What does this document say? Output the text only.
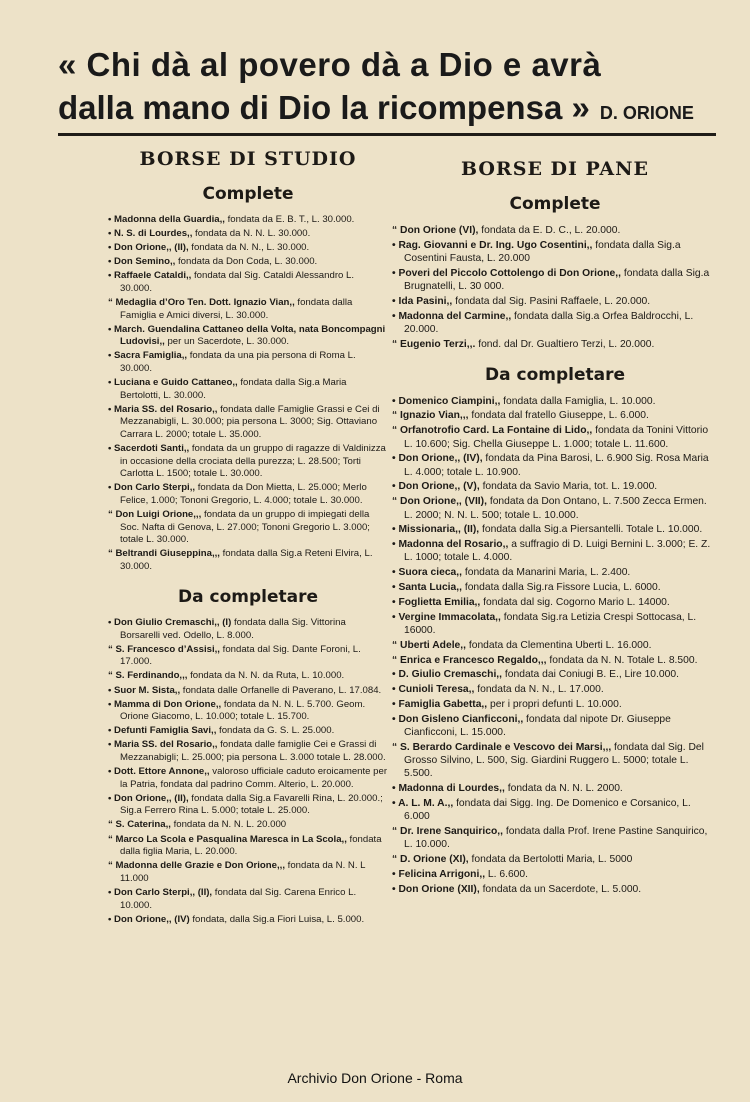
« Chi dà al povero dà a Dio e avrà
dalla mano di Dio la ricompensa » D. ORIONE
BORSE DI STUDIO
Complete
• Madonna della Guardia,, fondata da E. B. T., L. 30.000.
• N. S. di Lourdes,, fondata da N. N. L. 30.000.
• Don Orione,, (II), fondata da N. N., L. 30.000.
• Don Semino,, fondata da Don Coda, L. 30.000.
• Raffaele Cataldi,, fondata dal Sig. Cataldi Alessandro L. 30.000.
“ Medaglia d’Oro Ten. Dott. Ignazio Vian,, fondata dalla Famiglia e Amici diversi, L. 30.000.
• March. Guendalina Cattaneo della Volta, nata Boncompagni Ludovisi,, per un Sacerdote, L. 30.000.
• Sacra Famiglia,, fondata da una pia persona di Roma L. 30.000.
• Luciana e Guido Cattaneo,, fondata dalla Sig.a Maria Bertolotti, L. 30.000.
• Maria SS. del Rosario,, fondata dalle Famiglie Grassi e Cei di Mezzanabigli, L. 30.000; pia persona L. 3000; Sig. Ottaviano Carrara L. 2000; totale L. 35.000.
• Sacerdoti Santi,, fondata da un gruppo di ragazze di Valdinizza in occasione della crociata della purezza; L. 28.500; Torti Carlotta L. 1500; totale L. 30.000.
• Don Carlo Sterpi,, fondata da Don Mietta, L. 25.000; Merlo Felice, 1.000; Tononi Gregorio, L. 4.000; totale L. 30.000.
“ Don Luigi Orione,,, fondata da un gruppo di impiegati della Soc. Nafta di Genova, L. 27.000; Tononi Gregorio L. 3.000; totale L. 30.000.
“ Beltrandi Giuseppina,,, fondata dalla Sig.a Reteni Elvira, L. 30.000.
Da completare
• Don Giulio Cremaschi,, (I) fondata dalla Sig. Vittorina Borsarelli ved. Odello, L. 8.000.
“ S. Francesco d’Assisi,, fondata dal Sig. Dante Foroni, L. 17.000.
“ S. Ferdinando,,, fondata da N. N. da Ruta, L. 10.000.
• Suor M. Sista,, fondata dalle Orfanelle di Paverano, L. 17.084.
• Mamma di Don Orione,, fondata da N. N. L. 5.700. Geom. Orione Giacomo, L. 10.000; totale L. 15.700.
• Defunti Famiglia Savi,, fondata da G. S. L. 25.000.
• Maria SS. del Rosario,, fondata dalle famiglie Cei e Grassi di Mezzanabigli; L. 25.000; pia persona L. 3.000 totale L. 28.000.
• Dott. Ettore Annone,, valoroso ufficiale caduto eroicamente per la Patria, fondata dal padrino Comm. Alterio, L. 20.000.
• Don Orione,, (II), fondata dalla Sig.a Favarelli Rina, L. 20.000.; Sig.a Ferrero Rina L. 5.000; totale L. 25.000.
“ S. Caterina,, fondata da N. N. L. 20.000
“ Marco La Scola e Pasqualina Maresca in La Scola,, fondata dalla figlia Maria, L. 20.000.
“ Madonna delle Grazie e Don Orione,,, fondata da N. N. L 11.000
• Don Carlo Sterpi,, (II), fondata dal Sig. Carena Enrico L. 10.000.
• Don Orione,, (IV) fondata, dalla Sig.a Fiori Luisa, L. 5.000.
BORSE DI PANE
Complete
“ Don Orione (VI), fondata da E. D. C., L. 20.000.
• Rag. Giovanni e Dr. Ing. Ugo Cosentini,, fondata dalla Sig.a Cosentini Fausta, L. 20.000
• Poveri del Piccolo Cottolengo di Don Orione,, fondata dalla Sig.a Brugnatelli, L. 30 000.
• Ida Pasini,, fondata dal Sig. Pasini Raffaele, L. 20.000.
• Madonna del Carmine,, fondata dalla Sig.a Orfea Baldrocchi, L. 20.000.
“ Eugenio Terzi,,. fond. dal Dr. Gualtiero Terzi, L. 20.000.
Da completare
• Domenico Ciampini,, fondata dalla Famiglia, L. 10.000.
“ Ignazio Vian,,, fondata dal fratello Giuseppe, L. 6.000.
“ Orfanotrofio Card. La Fontaine di Lido,, fondata da Tonini Vittorio L. 10.600; Sig. Chella Giuseppe L. 1.000; totale L. 11.600.
• Don Orione,, (IV), fondata da Pina Barosi, L. 6.900 Sig. Rosa Maria L. 4.000; totale L. 10.900.
• Don Orione,, (V), fondata da Savio Maria, tot. L. 19.000.
“ Don Orione,, (VII), fondata da Don Ontano, L. 7.500 Zecca Ermen. L. 2000; N. N. L. 500; totale L. 10.000.
• Missionaria,, (II), fondata dalla Sig.a Piersantelli. Totale L. 10.000.
• Madonna del Rosario,, a suffragio di D. Luigi Bernini L. 3.000; E. Z. L. 1000; totale L. 4.000.
• Suora cieca,, fondata da Manarini Maria, L. 2.400.
• Santa Lucia,, fondata dalla Sig.ra Fissore Lucia, L. 6000.
• Foglietta Emilia,, fondata dal sig. Cogorno Mario L. 14000.
• Vergine Immacolata,, fondata Sig.ra Letizia Crespi Sottocasa, L. 16000.
“ Uberti Adele,, fondata da Clementina Uberti L. 16.000.
“ Enrica e Francesco Regaldo,,, fondata da N. N. Totale L. 8.500.
• D. Giulio Cremaschi,, fondata dai Coniugi B. E., Lire 10.000.
• Cunioli Teresa,, fondata da N. N., L. 17.000.
• Famiglia Gabetta,, per i propri defunti L. 10.000.
• Don Gisleno Cianficconi,, fondata dal nipote Dr. Giuseppe Cianficconi, L. 15.000.
“ S. Berardo Cardinale e Vescovo dei Marsi,,, fondata dal Sig. Del Grosso Silvino, L. 500, Sig. Giardini Ruggero L. 5000; totale L. 5.500.
• Madonna di Lourdes,, fondata da N. N. L. 2000.
• A. L. M. A.,, fondata dai Sigg. Ing. De Domenico e Corsanico, L. 6.000
“ Dr. Irene Sanquirico,, fondata dalla Prof. Irene Pastine Sanquirico, L. 10.000.
“ D. Orione (XI), fondata da Bertolotti Maria, L. 5000
• Felicina Arrigoni,, L. 6.600.
• Don Orione (XII), fondata da un Sacerdote, L. 5.000.
Archivio Don Orione - Roma
